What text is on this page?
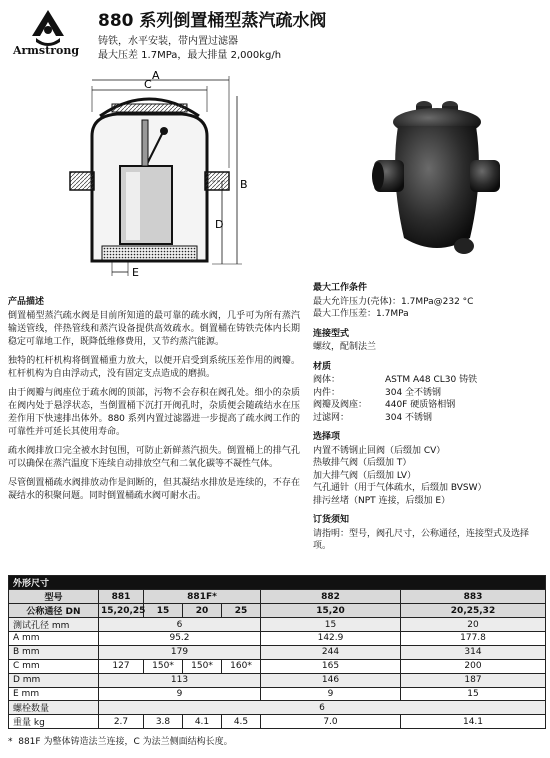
Armstrong
880 系列倒置桶型蒸汽疏水阀
铸铁，水平安装，带内置过滤器
最大压差 1.7MPa，最大排量 2,000kg/h
C
A
B
D
E
产品描述

倒置桶型蒸汽疏水阀是目前所知道的最可靠的疏水阀，几乎可为所有蒸汽输送管线，伴热管线和蒸汽设备提供高效疏水。倒置桶在铸铁壳体内长期稳定可靠地工作，既降低维修费用，又节约蒸汽能源。

独特的杠杆机构将倒置桶重力放大，以便开启受到系统压差作用的阀瓣。杠杆机构为自由浮动式，没有固定支点造成的磨损。

由于阀瓣与阀座位于疏水阀的顶部，污物不会存积在阀孔处。细小的杂质在阀内处于悬浮状态，当倒置桶下沉打开阀孔时，杂质便会随疏结水在压差作用下快速排出体外。880 系列内置过滤器进一步提高了疏水阀工作的可靠性并可延长其使用寿命。

疏水阀排放口完全被水封包围，可防止新鲜蒸汽损失。倒置桶上的排气孔可以确保在蒸汽温度下连续自动排放空气和二氧化碳等不凝性气体。

尽管倒置桶疏水阀排放动作是间断的，但其凝结水排放是连续的，不存在凝结水的积聚问题。同时倒置桶疏水阀可耐水击。

最大工作条件
最大允许压力(壳体)：1.7MPa@232 °C
最大工作压差：1.7MPa
连接型式
螺纹，配制法兰
材质
阀体：	ASTM A48 CL30 铸铁
内件：	304 全不锈钢
阀瓣及阀座：	440F 硬质铬相钢
过滤网：	304 不锈钢
选择项
内置不锈钢止回阀（后缀加 CV）
热敏排气阀（后缀加 T）
加大排气阀（后缀加 LV）
气孔通针（用于气体疏水，后缀加 BVSW）
排污丝堵（NPT 连接，后缀加 E）
订货须知
请指明：型号，阀孔尺寸，公称通径，连接型式及选择项。
外形尺寸						
型号	881	881F*			882	883
公称通径 DN	15,20,25	15	20	25	15,20	20,25,32
测试孔径 mm	6				15	20
A mm	95.2				142.9	177.8
B mm	179				244	314
C mm	127	150*	150*	160*	165	200
D mm	113				146	187
E mm	9				9	15
螺栓数量	6					
重量 kg	2.7	3.8	4.1	4.5	7.0	14.1
*  881F 为整体铸造法兰连接，C 为法兰侧面结构长度。
